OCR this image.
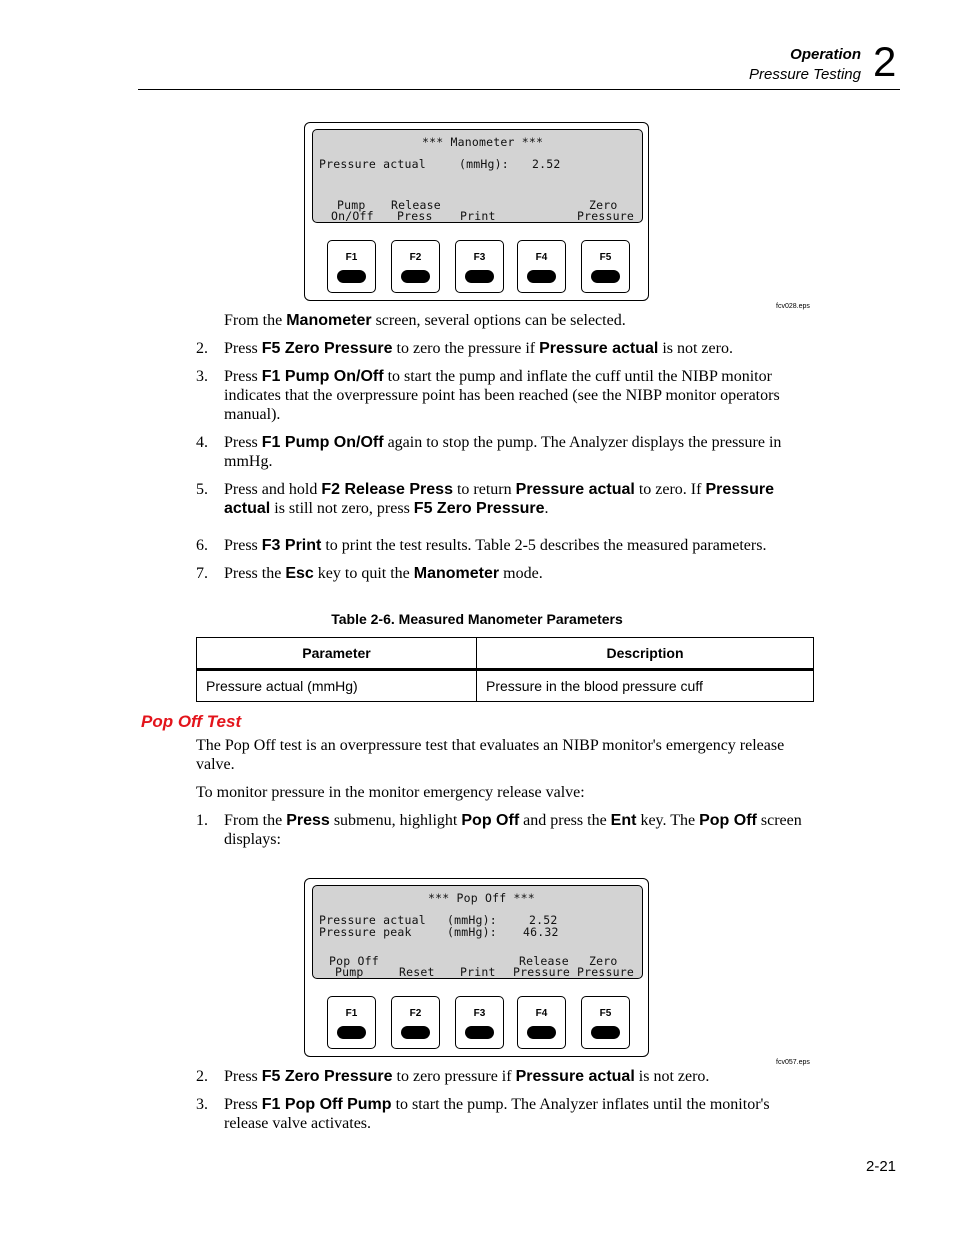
Operation
Pressure Testing 2
*** Manometer ***
Pressure actual	(mmHg): 2.52
Pump
On/Off
Release
Press Print
Zero
Pressure
F1	F2	F3	F4	F5
fcv028.eps
From the Manometer screen, several options can be selected.
2. Press F5 Zero Pressure to zero the pressure if Pressure actual is not zero.
3. Press F1 Pump On/Off to start the pump and inflate the cuff until the NIBP monitor indicates that the overpressure point has been reached (see the NIBP monitor operators manual).
4. Press F1 Pump On/Off again to stop the pump. The Analyzer displays the pressure in mmHg.
5. Press and hold F2 Release Press to return Pressure actual to zero. If Pressure actual is still not zero, press F5 Zero Pressure.
6. Press F3 Print to print the test results. Table 2-5 describes the measured parameters.
7. Press the Esc key to quit the Manometer mode.
Table 2-6. Measured Manometer Parameters
Parameter	Description
Pressure actual (mmHg)	Pressure in the blood pressure cuff
Pop Off Test
The Pop Off test is an overpressure test that evaluates an NIBP monitor's emergency release valve.
To monitor pressure in the monitor emergency release valve:
1. From the Press submenu, highlight Pop Off and press the Ent key. The Pop Off screen displays:
*** Pop Off ***
Pressure actual (mmHg):	2.52
Pressure peak	(mmHg): 46.32
Pop Off
Pump	Reset Print
Release
Pressure
Zero
Pressure
F1	F2	F3	F4	F5
fcv057.eps
2. Press F5 Zero Pressure to zero pressure if Pressure actual is not zero.
3. Press F1 Pop Off Pump to start the pump. The Analyzer inflates until the monitor's release valve activates.
2-21
